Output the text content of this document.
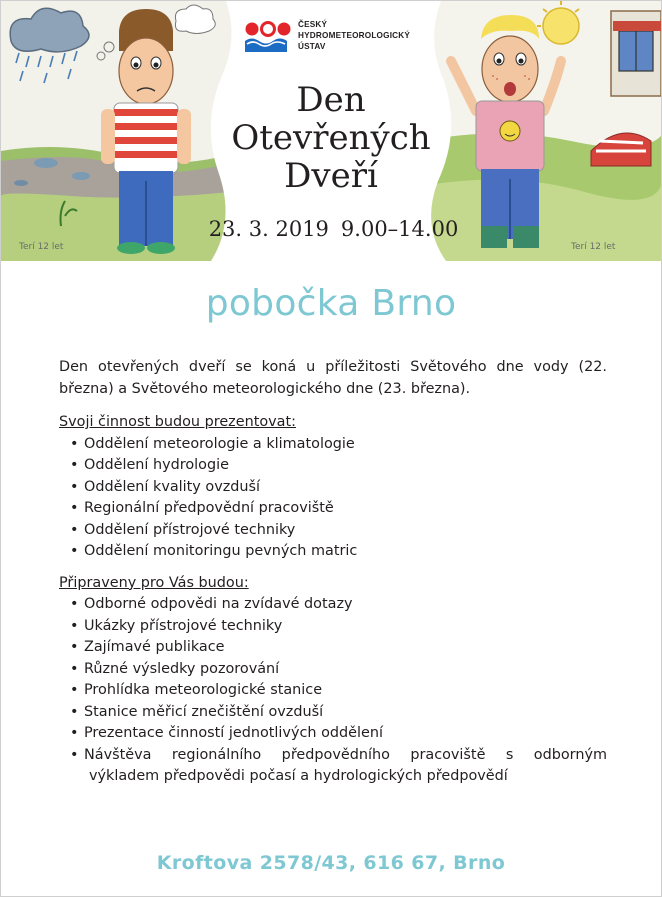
Terí 12 let	Terí 12 let
ČESKÝ
HYDROMETEOROLOGICKÝ
ÚSTAV
Den
Otevřených
Dveří
23. 3. 2019 9.00–14.00
pobočka Brno

Den otevřených dveří se koná u příležitosti Světového dne vody (22. března) a Světového meteorologického dne (23. března).

Svoji činnost budou prezentovat:

• Oddělení meteorologie a klimatologie
• Oddělení hydrologie
• Oddělení kvality ovzduší
• Regionální předpovědní pracoviště
• Oddělení přístrojové techniky
• Oddělení monitoringu pevných matric

Připraveny pro Vás budou:

• Odborné odpovědi na zvídavé dotazy
• Ukázky přístrojové techniky
• Zajímavé publikace
• Různé výsledky pozorování
• Prohlídka meteorologické stanice
• Stanice měřicí znečištění ovzduší
• Prezentace činností jednotlivých oddělení
• Návštěva regionálního předpovědního pracoviště s odborným
výkladem předpovědi počasí a hydrologických předpovědí
Kroftova 2578/43, 616 67, Brno
